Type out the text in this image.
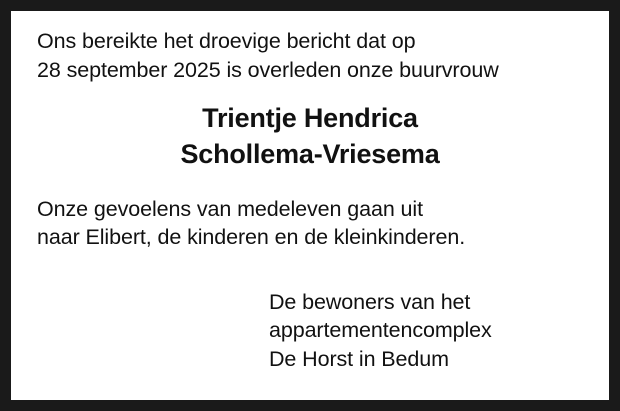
Ons bereikte het droevige bericht dat op
28 september 2025 is overleden onze buurvrouw

Trientje Hendrica
Schollema-Vriesema

Onze gevoelens van medeleven gaan uit
naar Elibert, de kinderen en de kleinkinderen.

De bewoners van het
appartementencomplex
De Horst in Bedum
